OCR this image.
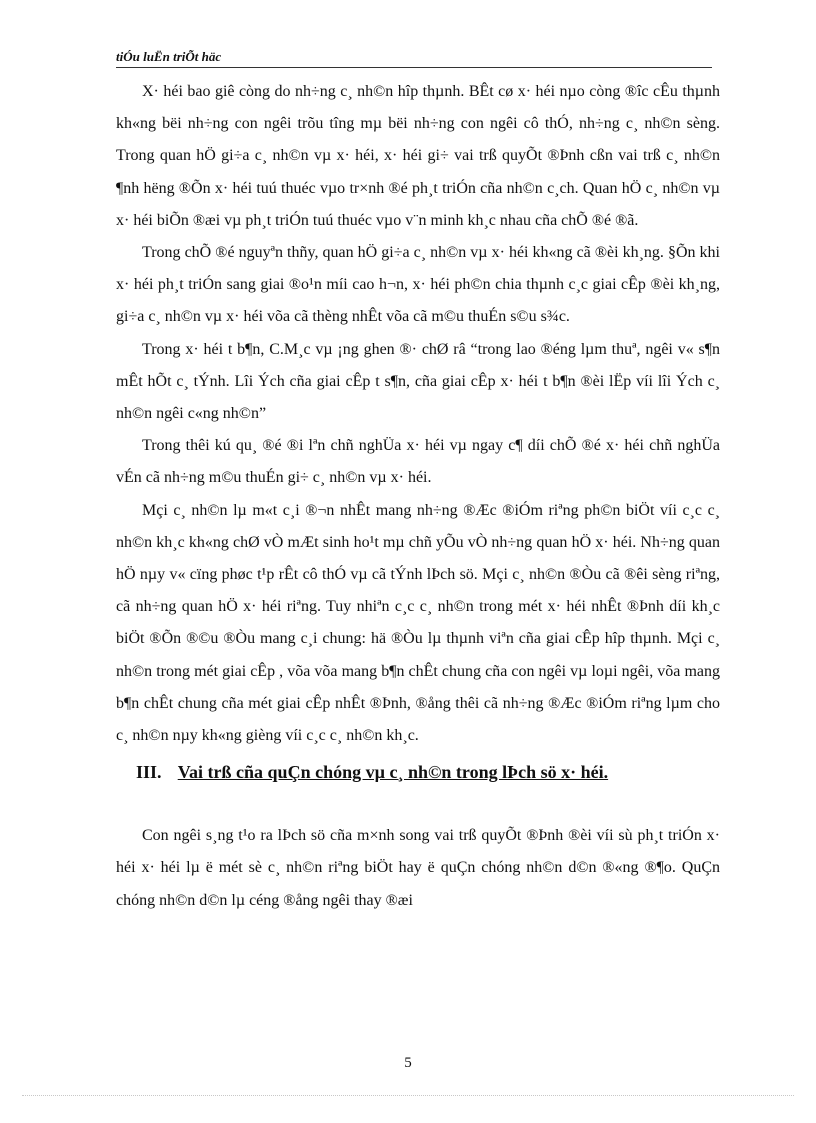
tiÓu luËn triÕt häc

X· héi bao giê còng do nh÷ng c¸ nh©n hîp thµnh. BÊt cø x· héi nµo còng ®îc cÊu thµnh kh«ng bëi nh÷ng con ngêi trõu tîng mµ bëi nh÷ng con ngêi cô thÓ, nh÷ng c¸ nh©n sèng. Trong quan hÖ gi÷a c¸ nh©n vµ x· héi, x· héi gi÷ vai trß quyÕt ®Þnh cßn vai trß c¸ nh©n ¶nh hëng ®Õn x· héi tuú thuéc vµo tr×nh ®é ph¸t triÓn cña nh©n c¸ch. Quan hÖ c¸ nh©n vµ x· héi biÕn ®æi vµ ph¸t triÓn tuú thuéc vµo v¨n minh kh¸c nhau cña chÕ ®é ®ã.

Trong chÕ ®é nguyªn thñy, quan hÖ gi÷a c¸ nh©n vµ x· héi kh«ng cã ®èi kh¸ng. §Õn khi x· héi ph¸t triÓn sang giai ®o¹n míi cao h¬n, x· héi ph©n chia thµnh c¸c giai cÊp ®èi kh¸ng, gi÷a c¸ nh©n vµ x· héi võa cã thèng nhÊt võa cã m©u thuÉn s©u s¾c.

Trong x· héi t b¶n, C.M¸c vµ ¡ng ghen ®· chØ râ “trong lao ®éng lµm thuª, ngêi v« s¶n mÊt hÕt c¸ tÝnh. Lîi Ých cña giai cÊp t s¶n, cña giai cÊp x· héi t b¶n ®èi lËp víi lîi Ých c¸ nh©n ngêi c«ng nh©n”

Trong thêi kú qu¸ ®é ®i lªn chñ nghÜa x· héi vµ ngay c¶ díi chÕ ®é x· héi chñ nghÜa vÉn cã nh÷ng m©u thuÉn gi÷ c¸ nh©n vµ x· héi.

Mçi c¸ nh©n lµ m«t c¸i ®¬n nhÊt mang nh÷ng ®Æc ®iÓm riªng ph©n biÖt víi c¸c c¸ nh©n kh¸c kh«ng chØ vÒ mÆt sinh ho¹t mµ chñ yÕu vÒ nh÷ng quan hÖ x· héi. Nh÷ng quan hÖ nµy v« cïng phøc t¹p rÊt cô thÓ vµ cã tÝnh lÞch sö. Mçi c¸ nh©n ®Òu cã ®êi sèng riªng, cã nh÷ng quan hÖ x· héi riªng. Tuy nhiªn c¸c c¸ nh©n trong mét x· héi nhÊt ®Þnh díi kh¸c biÖt ®Õn ®©u ®Òu mang c¸i chung: hä ®Òu lµ thµnh viªn cña giai cÊp hîp thµnh. Mçi c¸ nh©n trong mét giai cÊp , võa võa mang b¶n chÊt chung cña con ngêi vµ loµi ngêi, võa mang b¶n chÊt chung cña mét giai cÊp nhÊt ®Þnh, ®ång thêi cã nh÷ng ®Æc ®iÓm riªng lµm cho c¸ nh©n nµy kh«ng gièng víi c¸c c¸ nh©n kh¸c.

III. Vai trß cña quÇn chóng vµ c¸ nh©n trong lÞch sö x· héi.

Con ngêi s¸ng t¹o ra lÞch sö cña m×nh song vai trß quyÕt ®Þnh ®èi víi sù ph¸t triÓn x· héi x· héi lµ ë mét sè c¸ nh©n riªng biÖt hay ë quÇn chóng nh©n d©n ®«ng ®¶o. QuÇn chóng nh©n d©n lµ céng ®ång ngêi thay ®æi

5
